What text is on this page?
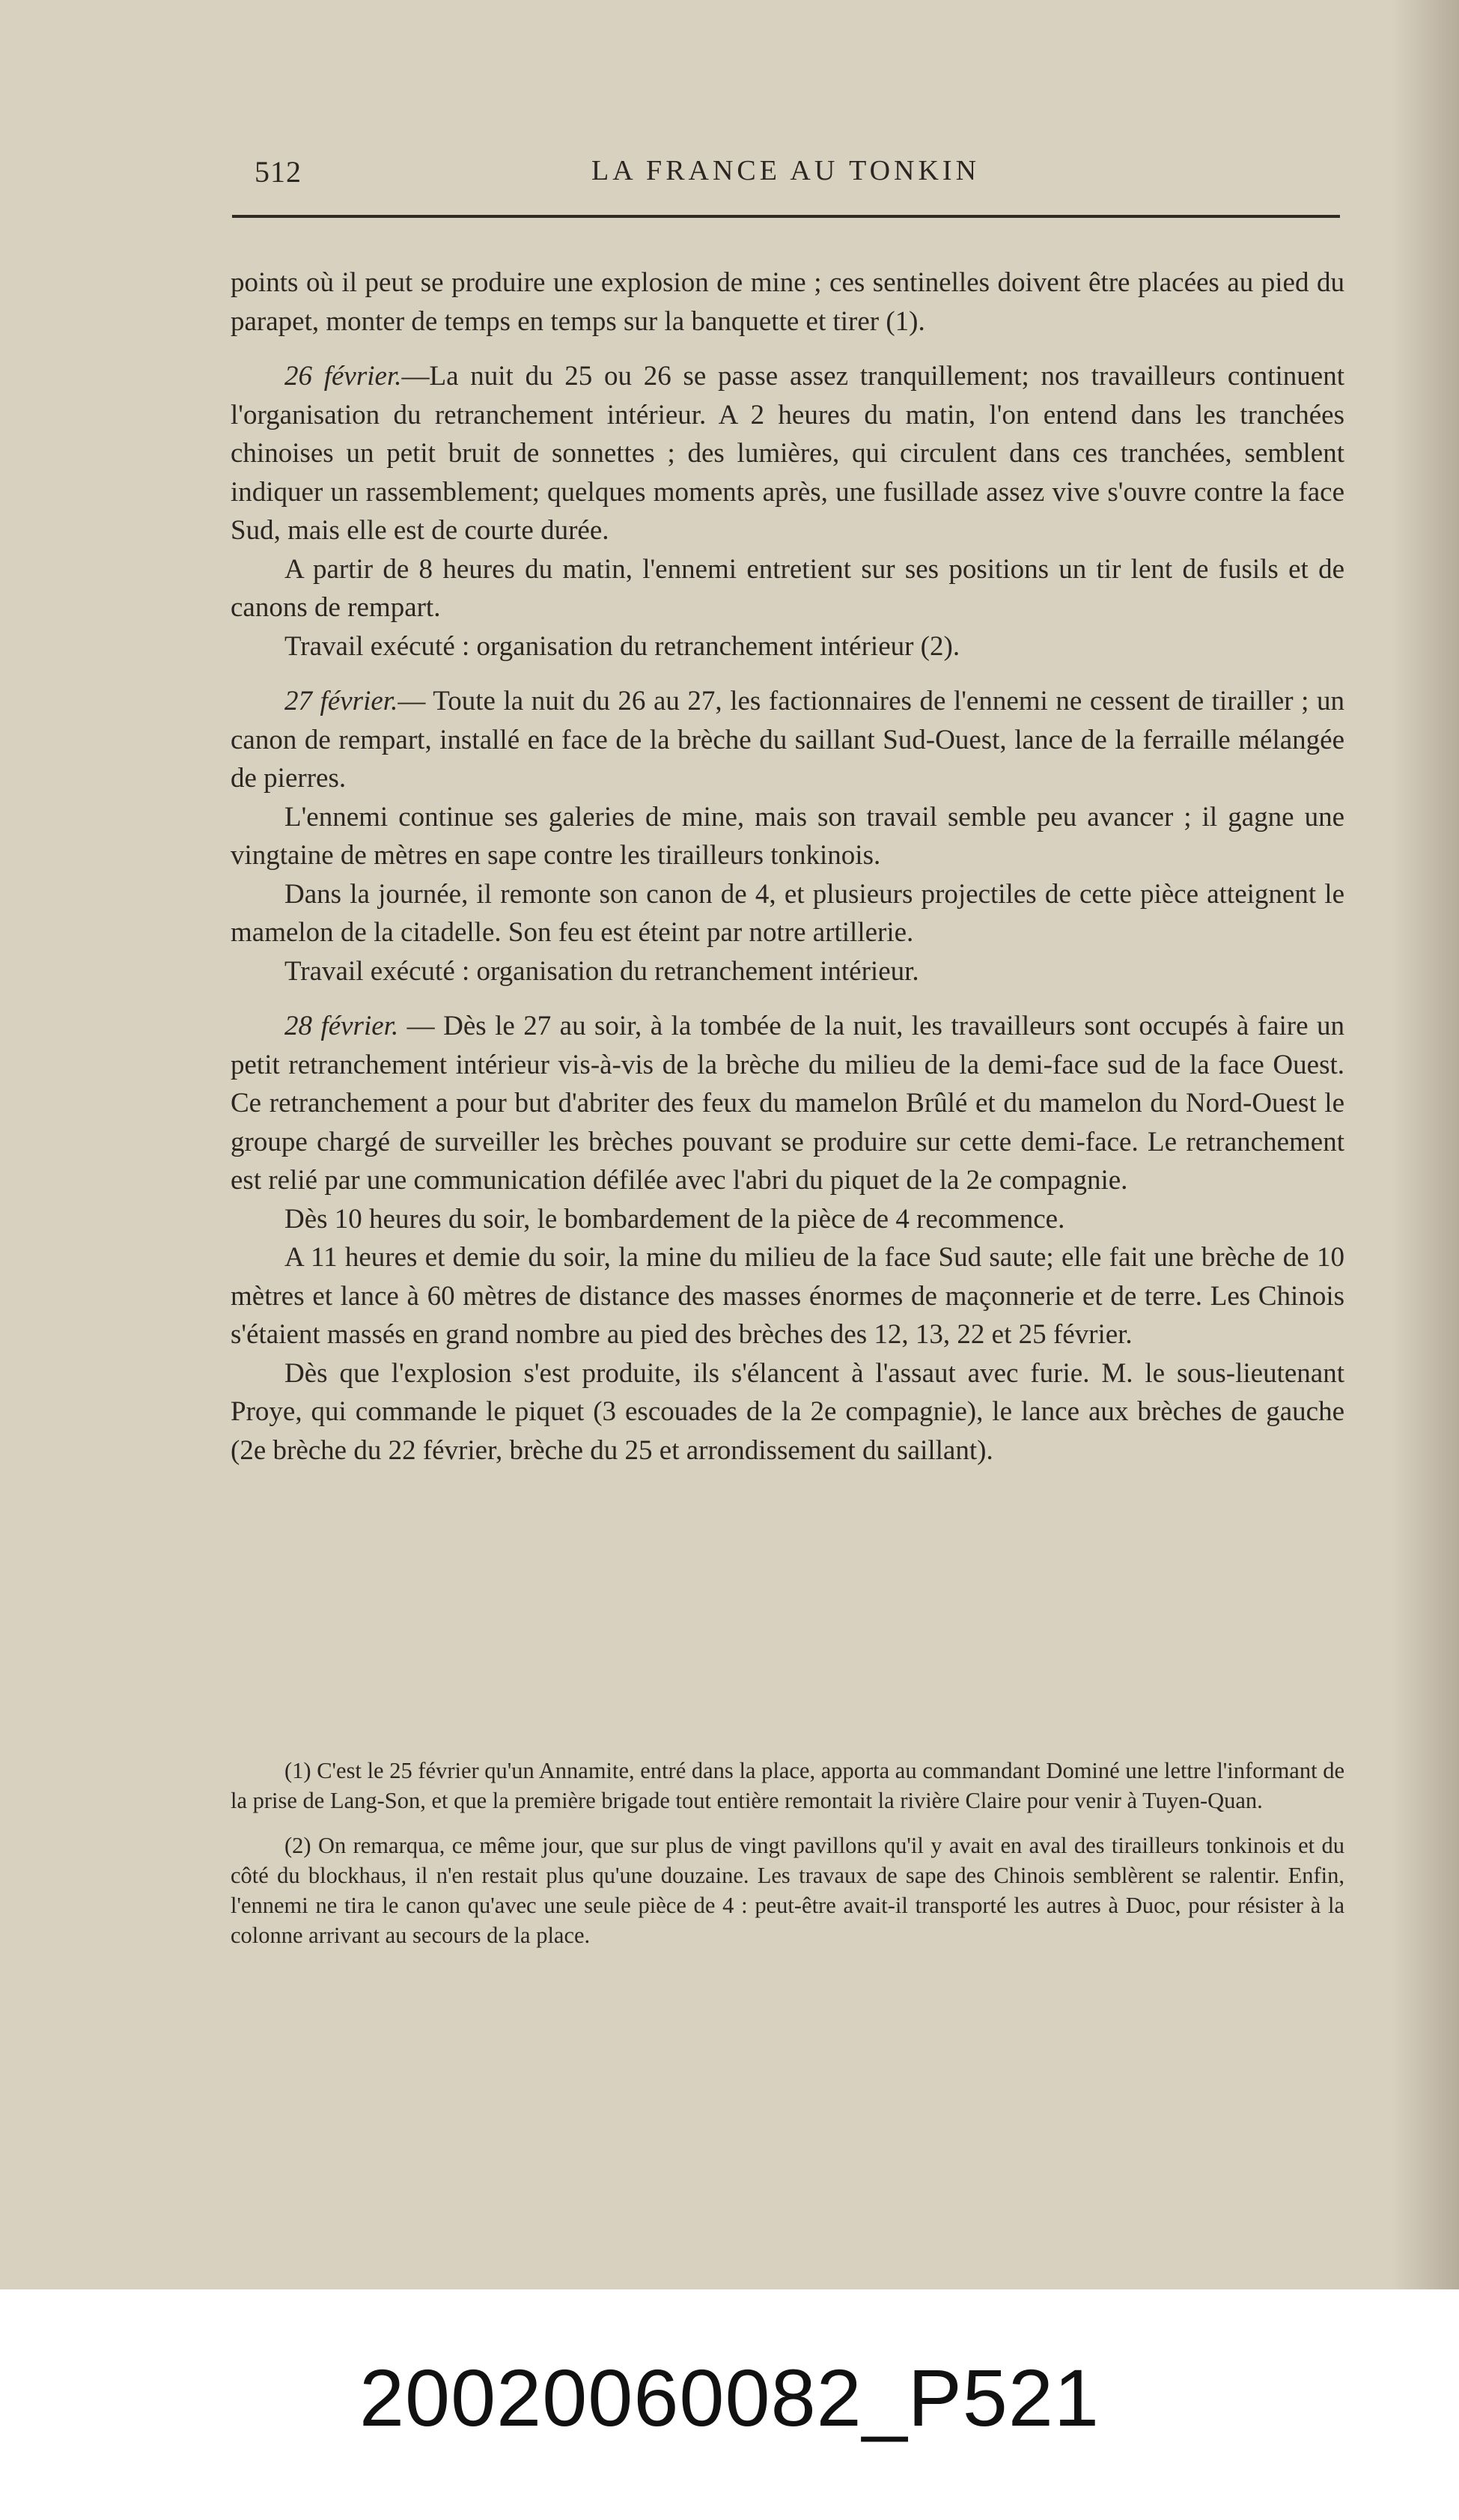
512	LA FRANCE AU TONKIN

points où il peut se produire une explosion de mine ; ces sentinelles doivent être placées au pied du parapet, monter de temps en temps sur la banquette et tirer (1).

26 février.—La nuit du 25 ou 26 se passe assez tranquillement; nos travailleurs continuent l'organisation du retranchement intérieur. A 2 heures du matin, l'on entend dans les tranchées chinoises un petit bruit de sonnettes ; des lumières, qui circulent dans ces tranchées, semblent indiquer un rassemblement; quelques moments après, une fusillade assez vive s'ouvre contre la face Sud, mais elle est de courte durée.

A partir de 8 heures du matin, l'ennemi entretient sur ses positions un tir lent de fusils et de canons de rempart.

Travail exécuté : organisation du retranchement intérieur (2).

27 février.— Toute la nuit du 26 au 27, les factionnaires de l'ennemi ne cessent de tirailler ; un canon de rempart, installé en face de la brèche du saillant Sud-Ouest, lance de la ferraille mélangée de pierres.

L'ennemi continue ses galeries de mine, mais son travail semble peu avancer ; il gagne une vingtaine de mètres en sape contre les tirailleurs tonkinois.

Dans la journée, il remonte son canon de 4, et plusieurs projectiles de cette pièce atteignent le mamelon de la citadelle. Son feu est éteint par notre artillerie.

Travail exécuté : organisation du retranchement intérieur.

28 février. — Dès le 27 au soir, à la tombée de la nuit, les travailleurs sont occupés à faire un petit retranchement intérieur vis-à-vis de la brèche du milieu de la demi-face sud de la face Ouest. Ce retranchement a pour but d'abriter des feux du mamelon Brûlé et du mamelon du Nord-Ouest le groupe chargé de surveiller les brèches pouvant se produire sur cette demi-face. Le retranchement est relié par une communication défilée avec l'abri du piquet de la 2e compagnie.

Dès 10 heures du soir, le bombardement de la pièce de 4 recommence.

A 11 heures et demie du soir, la mine du milieu de la face Sud saute; elle fait une brèche de 10 mètres et lance à 60 mètres de distance des masses énormes de maçonnerie et de terre. Les Chinois s'étaient massés en grand nombre au pied des brèches des 12, 13, 22 et 25 février.

Dès que l'explosion s'est produite, ils s'élancent à l'assaut avec furie. M. le sous-lieutenant Proye, qui commande le piquet (3 escouades de la 2e compagnie), le lance aux brèches de gauche (2e brèche du 22 février, brèche du 25 et arrondissement du saillant).

(1) C'est le 25 février qu'un Annamite, entré dans la place, apporta au commandant Dominé une lettre l'informant de la prise de Lang-Son, et que la première brigade tout entière remontait la rivière Claire pour venir à Tuyen-Quan.

(2) On remarqua, ce même jour, que sur plus de vingt pavillons qu'il y avait en aval des tirailleurs tonkinois et du côté du blockhaus, il n'en restait plus qu'une douzaine. Les travaux de sape des Chinois semblèrent se ralentir. Enfin, l'ennemi ne tira le canon qu'avec une seule pièce de 4 : peut-être avait-il transporté les autres à Duoc, pour résister à la colonne arrivant au secours de la place.

20020060082_P521
